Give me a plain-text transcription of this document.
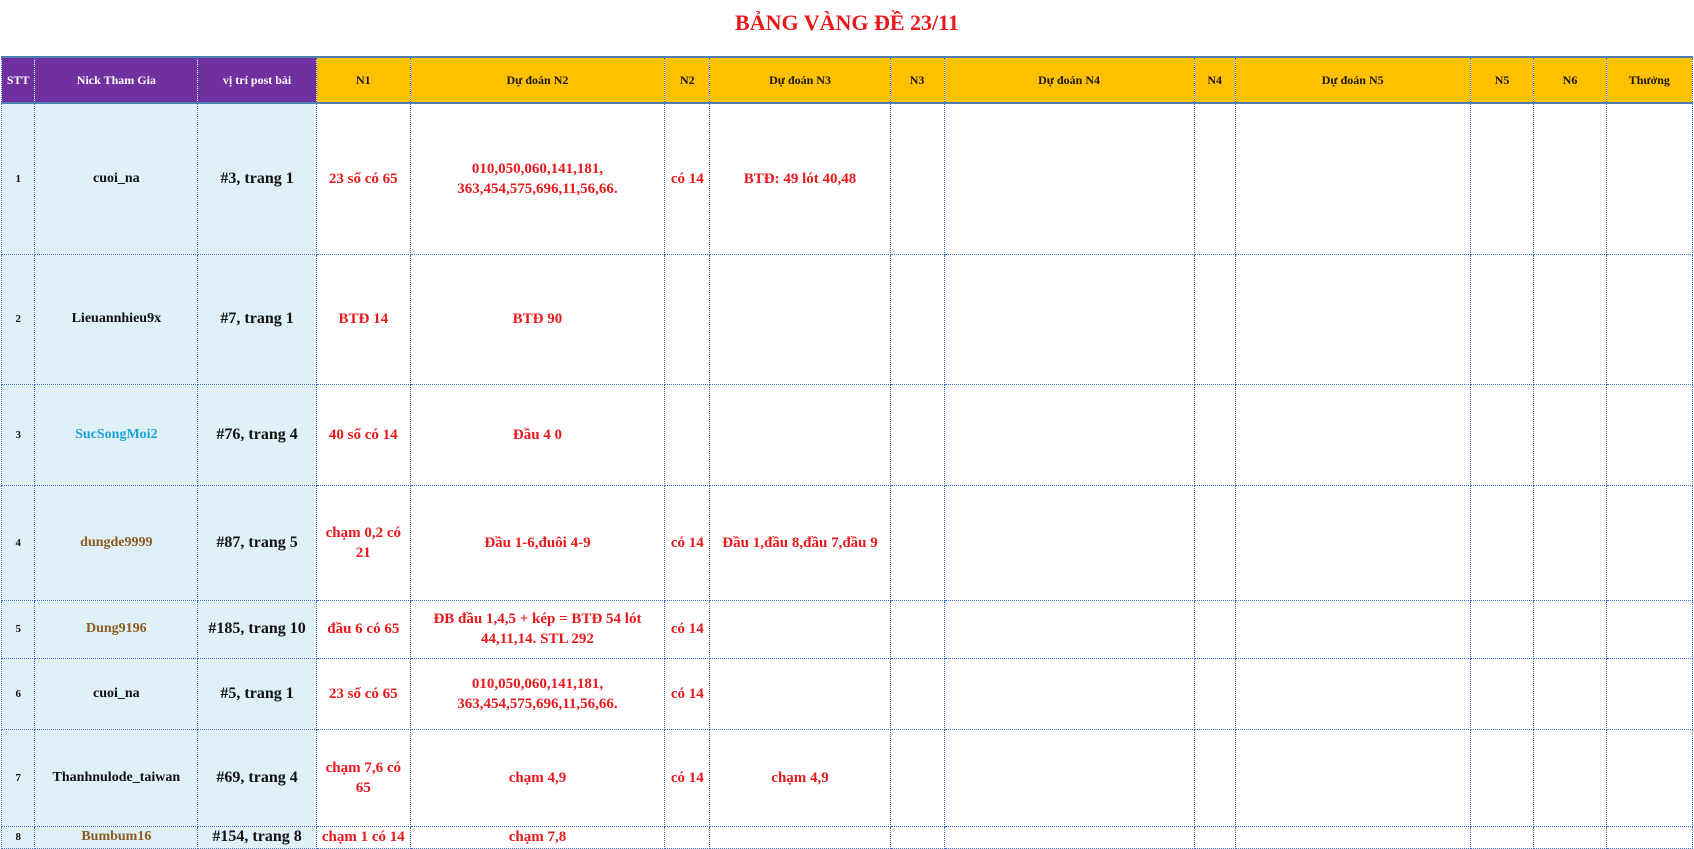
BẢNG VÀNG ĐỀ 23/11
STT	Nick Tham Gia	vị trí post bài	N1	Dự đoán N2	N2	Dự đoán N3	N3	Dự đoán N4	N4	Dự đoán N5	N5	N6	Thưởng
1	cuoi_na	#3, trang 1	23 số có 65	010,050,060,141,181, 363,454,575,696,11,56,66.	có 14	BTĐ: 49 lót 40,48							
2	Lieuannhieu9x	#7, trang 1	BTĐ 14	BTĐ 90									
3	SucSongMoi2	#76, trang 4	40 số có 14	Đầu 4 0									
4	dungde9999	#87, trang 5	chạm 0,2 có 21	Đầu 1-6,đuôi 4-9	có 14	Đầu 1,đầu 8,đầu 7,đầu 9							
5	Dung9196	#185, trang 10	đầu 6 có 65	ĐB đầu 1,4,5 + kép = BTĐ 54 lót 44,11,14. STL 292	có 14								
6	cuoi_na	#5, trang 1	23 số có 65	010,050,060,141,181, 363,454,575,696,11,56,66.	có 14								
7	Thanhnulode_taiwan	#69, trang 4	chạm 7,6 có 65	chạm 4,9	có 14	chạm 4,9							
8	Bumbum16	#154, trang 8	chạm 1 có 14	chạm 7,8									
